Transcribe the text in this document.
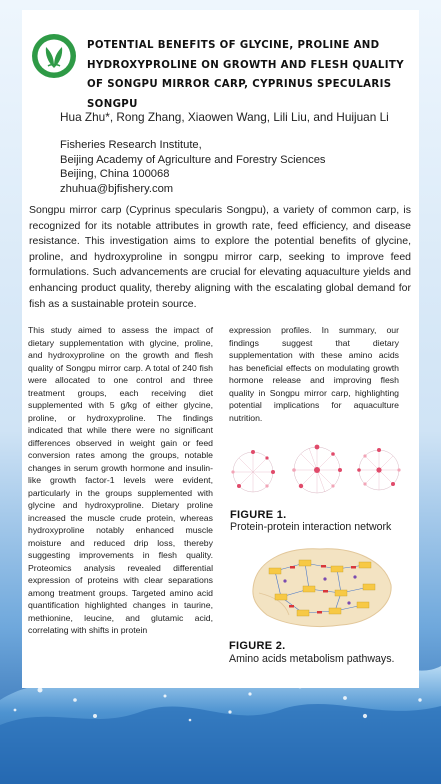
POTENTIAL BENEFITS OF GLYCINE, PROLINE AND HYDROXYPROLINE ON GROWTH AND FLESH QUALITY OF SONGPU MIRROR CARP, CYPRINUS SPECULARIS SONGPU
Hua Zhu*, Rong Zhang, Xiaowen Wang, Lili Liu, and Huijuan Li
Fisheries Research Institute,
Beijing Academy of Agriculture and Forestry Sciences
Beijing, China 100068
zhuhua@bjfishery.com
Songpu mirror carp (Cyprinus specularis Songpu), a variety of common carp, is recognized for its notable attributes in growth rate, feed efficiency, and disease resistance. This investigation aims to explore the potential benefits of glycine, proline, and hydroxyproline in songpu mirror carp, seeking to improve feed formulations. Such advancements are crucial for elevating aquaculture yields and enhancing product quality, thereby aligning with the escalating global demand for fish as a sustainable protein source.
This study aimed to assess the impact of dietary supplementation with glycine, proline, and hydroxyproline on the growth and flesh quality of Songpu mirror carp. A total of 240 fish were allocated to one control and three treatment groups, each receiving diet supplemented with 5 g/kg of either glycine, proline, or hydroxyproline. The findings indicated that while there were no significant differences observed in weight gain or feed conversion rates among the groups, notable changes in serum growth hormone and insulin-like growth factor-1 levels were evident, particularly in the groups supplemented with glycine and hydroxyproline. Dietary proline increased the muscle crude protein, whereas hydroxyproline notably enhanced muscle moisture and reduced drip loss, thereby suggesting improvements in flesh quality. Proteomics analysis revealed differential expression of proteins with clear separations among treatment groups. Targeted amino acid quantification highlighted changes in taurine, methionine, leucine, and glutamic acid, correlating with shifts in protein
expression profiles. In summary, our findings suggest that dietary supplementation with these amino acids has beneficial effects on modulating growth hormone release and improving flesh quality in Songpu mirror carp, highlighting potential implications for aquaculture nutrition.
FIGURE 1.
Protein-protein interaction network
FIGURE 2.
Amino acids metabolism pathways.
